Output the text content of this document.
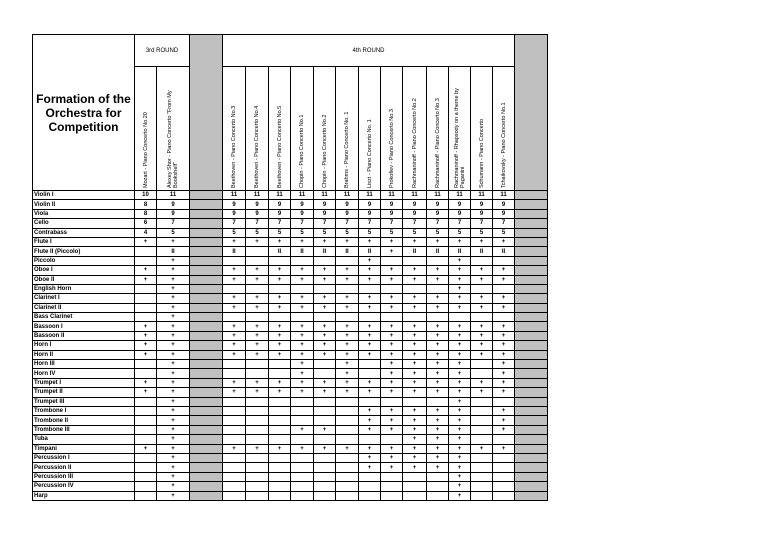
Formation of the Orchestra for Competition	3rd ROUND			4th ROUND													

	Mozart - Piano Concerto No.20	Alexey Shor - Piano Concerto "From My Bookshelf"		Beethoven - Piano Concerto No.3	Beethoven - Piano Concerto No.4	Beethoven - Piano Concerto No.5	Chopin - Piano Concerto No.1	Chopin - Piano Concerto No.2	Brahms - Piano Concerto No. 1	Liszt - Piano Concerto No. 1	Prokofiev - Piano Concerto No.3	Rachmaninoff - Piano Concerto No.2	Rachmaninoff - Piano Concerto No.3	Rachmaninoff - Rhapsody on a theme by Paganini	Schumann - Piano Concerto	Tchaikovsky - Piano Concerto No.1	

Violin I	10	11		11	11	11	11	11	11	11	11	11	11	11	11	11	
Violin II	8	9		9	9	9	9	9	9	9	9	9	9	9	9	9	
Viola	8	9		9	9	9	9	9	9	9	9	9	9	9	9	9	
Cello	6	7		7	7	7	7	7	7	7	7	7	7	7	7	7	
Contrabass	4	5		5	5	5	5	5	5	5	5	5	5	5	5	5	
Flute I	+	+		+	+	+	+	+	+	+	+	+	+	+	+	+	
Flute II (Piccolo)		II		II		II	II	II	II	II	+	II	II	II	II	II	
Piccolo		+								+				+			
Oboe I	+	+		+	+	+	+	+	+	+	+	+	+	+	+	+	
Oboe II	+	+		+	+	+	+	+	+	+	+	+	+	+	+	+	
English Horn		+												+			
Clarinet I		+		+	+	+	+	+	+	+	+	+	+	+	+	+	
Clarinet II		+		+	+	+	+	+	+	+	+	+	+	+	+	+	
Bass Clarinet		+															
Bassoon I	+	+		+	+	+	+	+	+	+	+	+	+	+	+	+	
Bassoon II	+	+		+	+	+	+	+	+	+	+	+	+	+	+	+	
Horn I	+	+		+	+	+	+	+	+	+	+	+	+	+	+	+	
Horn II	+	+		+	+	+	+	+	+	+	+	+	+	+	+	+	
Horn III		+					+		+		+	+	+	+		+	
Horn IV		+					+		+		+	+	+	+		+	
Trumpet I	+	+		+	+	+	+	+	+	+	+	+	+	+	+	+	
Trumpet II	+	+		+	+	+	+	+	+	+	+	+	+	+	+	+	
Trumpet III		+												+			
Trombone I		+								+	+	+	+	+		+	
Trombone II		+								+	+	+	+	+		+	
Trombone III		+					+	+		+	+	+	+	+		+	
Tuba		+										+	+	+			
Timpani	+	+		+	+	+	+	+	+	+	+	+	+	+	+	+	
Percussion I		+								+	+	+	+	+			
Percussion II		+								+	+	+	+	+			
Percussion III		+												+			
Percussion IV		+												+			
Harp		+												+			
